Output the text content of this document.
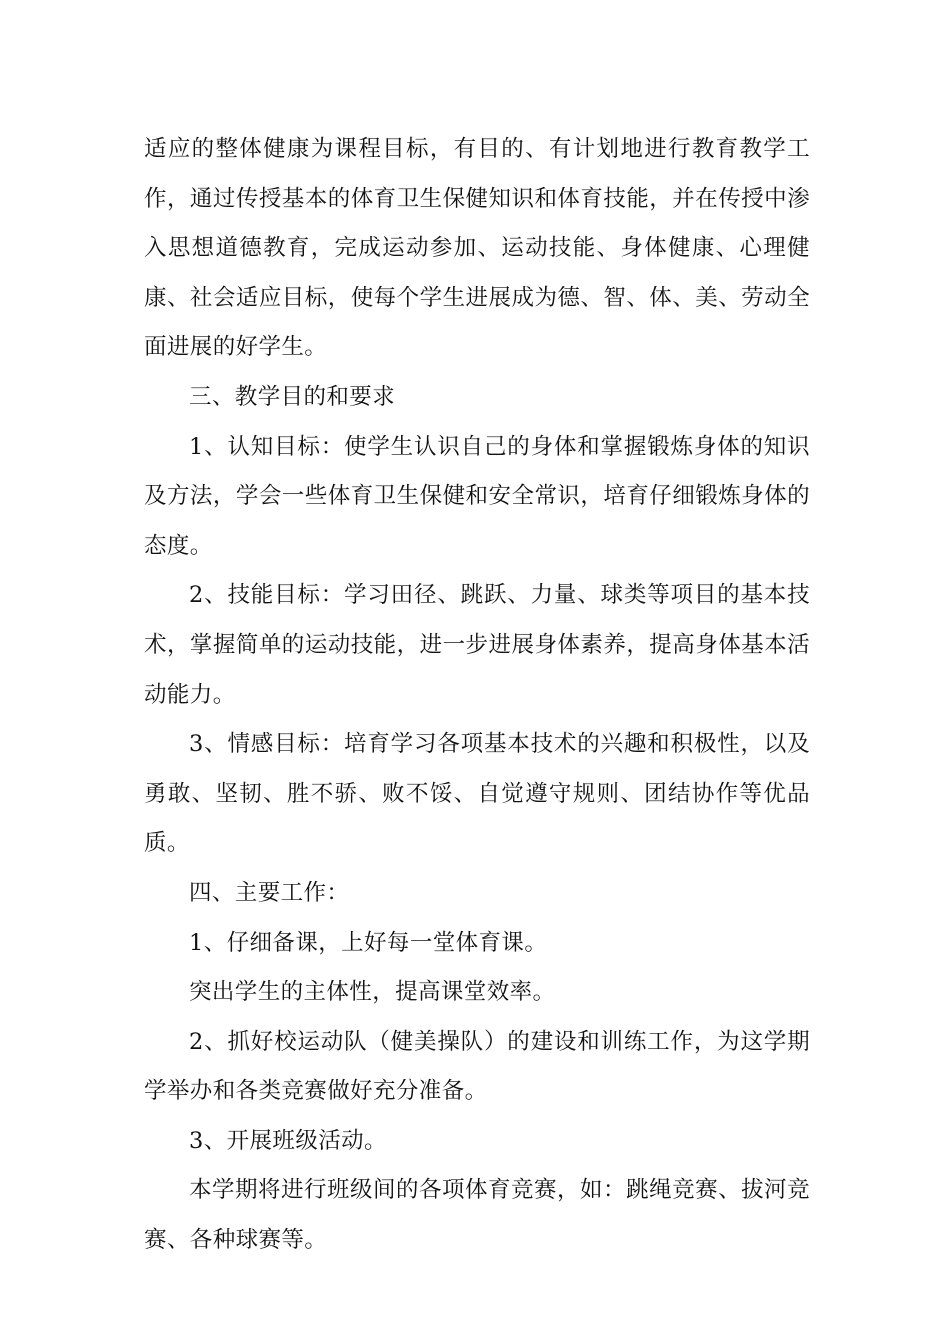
适应的整体健康为课程目标，有目的、有计划地进行教育教学工作，通过传授基本的体育卫生保健知识和体育技能，并在传授中渗入思想道德教育，完成运动参加、运动技能、身体健康、心理健康、社会适应目标，使每个学生进展成为德、智、体、美、劳动全面进展的好学生。

三、教学目的和要求

1、认知目标：使学生认识自己的身体和掌握锻炼身体的知识及方法，学会一些体育卫生保健和安全常识，培育仔细锻炼身体的态度。

2、技能目标：学习田径、跳跃、力量、球类等项目的基本技术，掌握简单的运动技能，进一步进展身体素养，提高身体基本活动能力。

3、情感目标：培育学习各项基本技术的兴趣和积极性，以及勇敢、坚韧、胜不骄、败不馁、自觉遵守规则、团结协作等优品质。

四、主要工作：

1、仔细备课，上好每一堂体育课。

突出学生的主体性，提高课堂效率。

2、抓好校运动队（健美操队）的建设和训练工作，为这学期学举办和各类竞赛做好充分准备。

3、开展班级活动。

本学期将进行班级间的各项体育竞赛，如：跳绳竞赛、拔河竞赛、各种球赛等。
